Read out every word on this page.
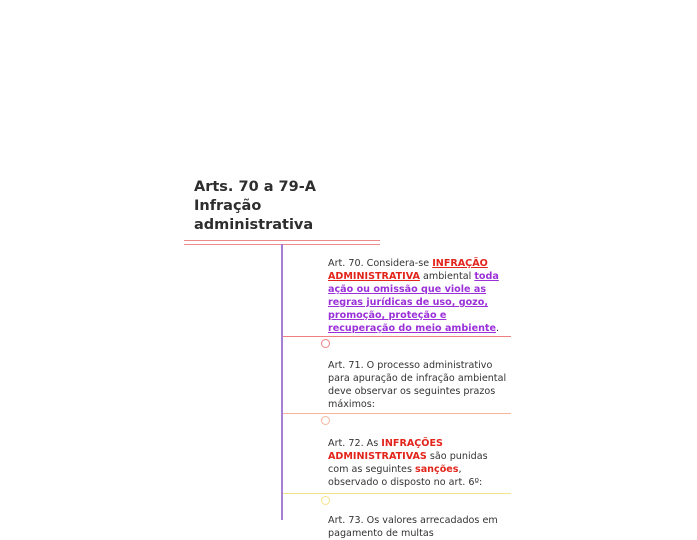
Arts. 70 a 79-A
Infração
administrativa
Art. 70. Considera-se INFRAÇÃO ADMINISTRATIVA ambiental toda ação ou omissão que viole as regras jurídicas de uso, gozo, promoção, proteção e recuperação do meio ambiente.
Art. 71. O processo administrativo para apuração de infração ambiental deve observar os seguintes prazos máximos:
Art. 72. As INFRAÇÕES ADMINISTRATIVAS são punidas com as seguintes sanções, observado o disposto no art. 6º:
Art. 73. Os valores arrecadados em pagamento de multas
